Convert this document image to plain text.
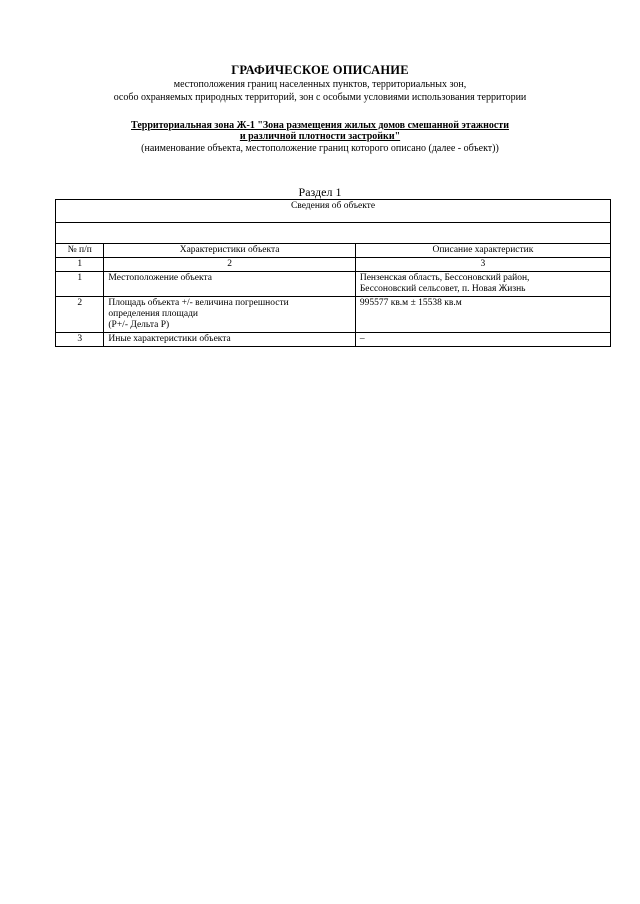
ГРАФИЧЕСКОЕ ОПИСАНИЕ
местоположения границ населенных пунктов, территориальных зон,
особо охраняемых природных территорий, зон с особыми условиями использования территории
Территориальная зона Ж-1 "Зона размещения жилых домов смешанной этажности
и различной плотности застройки"
(наименование объекта, местоположение границ которого описано (далее - объект))
Раздел 1
Сведения об объекте		

№ п/п	Характеристики объекта	Описание характеристик
1	2	3
1	Местоположение объекта	Пензенская область, Бессоновский район,
Бессоновский сельсовет, п. Новая Жизнь

2	Площадь объекта +/- величина погрешности
определения площади
(P+/- Дельта P)	995577 кв.м ± 15538 кв.м
3	Иные характеристики объекта	–
